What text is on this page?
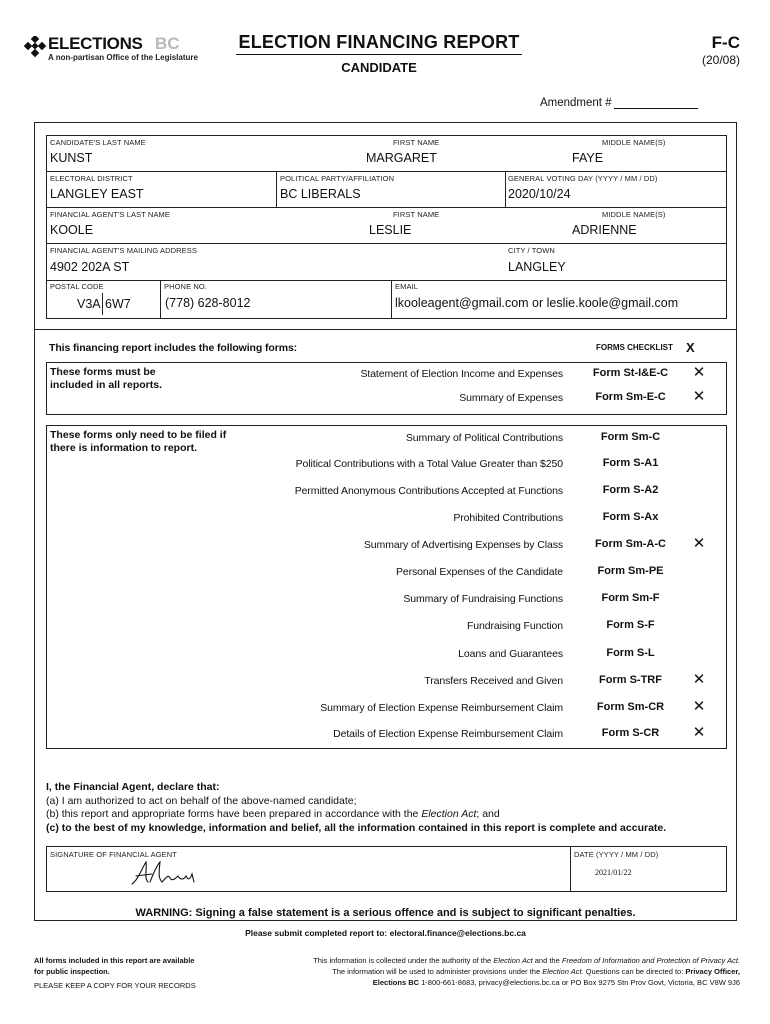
ELECTIONS BC
A non-partisan Office of the Legislature
ELECTION FINANCING REPORT
CANDIDATE
F-C
(20/08)
Amendment #
CANDIDATE'S LAST NAME	FIRST NAME	MIDDLE NAME(S)
KUNST	MARGARET	FAYE
ELECTORAL DISTRICT	POLITICAL PARTY/AFFILIATION	GENERAL VOTING DAY (YYYY / MM / DD)
LANGLEY EAST	BC LIBERALS	2020/10/24
FINANCIAL AGENT'S LAST NAME	FIRST NAME	MIDDLE NAME(S)
KOOLE	LESLIE	ADRIENNE
FINANCIAL AGENT'S MAILING ADDRESS	CITY / TOWN
4902 202A ST	LANGLEY
POSTAL CODE	PHONE NO.	EMAIL
V3A 6W7	(778) 628-8012	lkooleagent@gmail.com or leslie.koole@gmail.com
This financing report includes the following forms:	FORMS CHECKLIST X
These forms must be included in all reports.
These forms only need to be filed if there is information to report.
Statement of Election Income and Expenses	Form St-I&E-C	✕
Summary of Expenses	Form Sm-E-C	✕
Summary of Political Contributions	Form Sm-C
Political Contributions with a Total Value Greater than $250	Form S-A1
Permitted Anonymous Contributions Accepted at Functions	Form S-A2
Prohibited Contributions	Form S-Ax
Summary of Advertising Expenses by Class	Form Sm-A-C	✕
Personal Expenses of the Candidate	Form Sm-PE
Summary of Fundraising Functions	Form Sm-F
Fundraising Function	Form S-F
Loans and Guarantees	Form S-L
Transfers Received and Given	Form S-TRF	✕
Summary of Election Expense Reimbursement Claim	Form Sm-CR	✕
Details of Election Expense Reimbursement Claim	Form S-CR	✕
I, the Financial Agent, declare that:
(a) I am authorized to act on behalf of the above-named candidate;
(b) this report and appropriate forms have been prepared in accordance with the Election Act; and
(c) to the best of my knowledge, information and belief, all the information contained in this report is complete and accurate.
SIGNATURE OF FINANCIAL AGENT	DATE (YYYY / MM / DD)
2021/01/22
WARNING: Signing a false statement is a serious offence and is subject to significant penalties.
Please submit completed report to: electoral.finance@elections.bc.ca
All forms included in this report are available
for public inspection.
PLEASE KEEP A COPY FOR YOUR RECORDS
This information is collected under the authority of the Election Act and the Freedom of Information and Protection of Privacy Act.
The information will be used to administer provisions under the Election Act. Questions can be directed to: Privacy Officer,
Elections BC 1-800-661-8683, privacy@elections.bc.ca or PO Box 9275 Stn Prov Govt, Victoria, BC V8W 9J6
